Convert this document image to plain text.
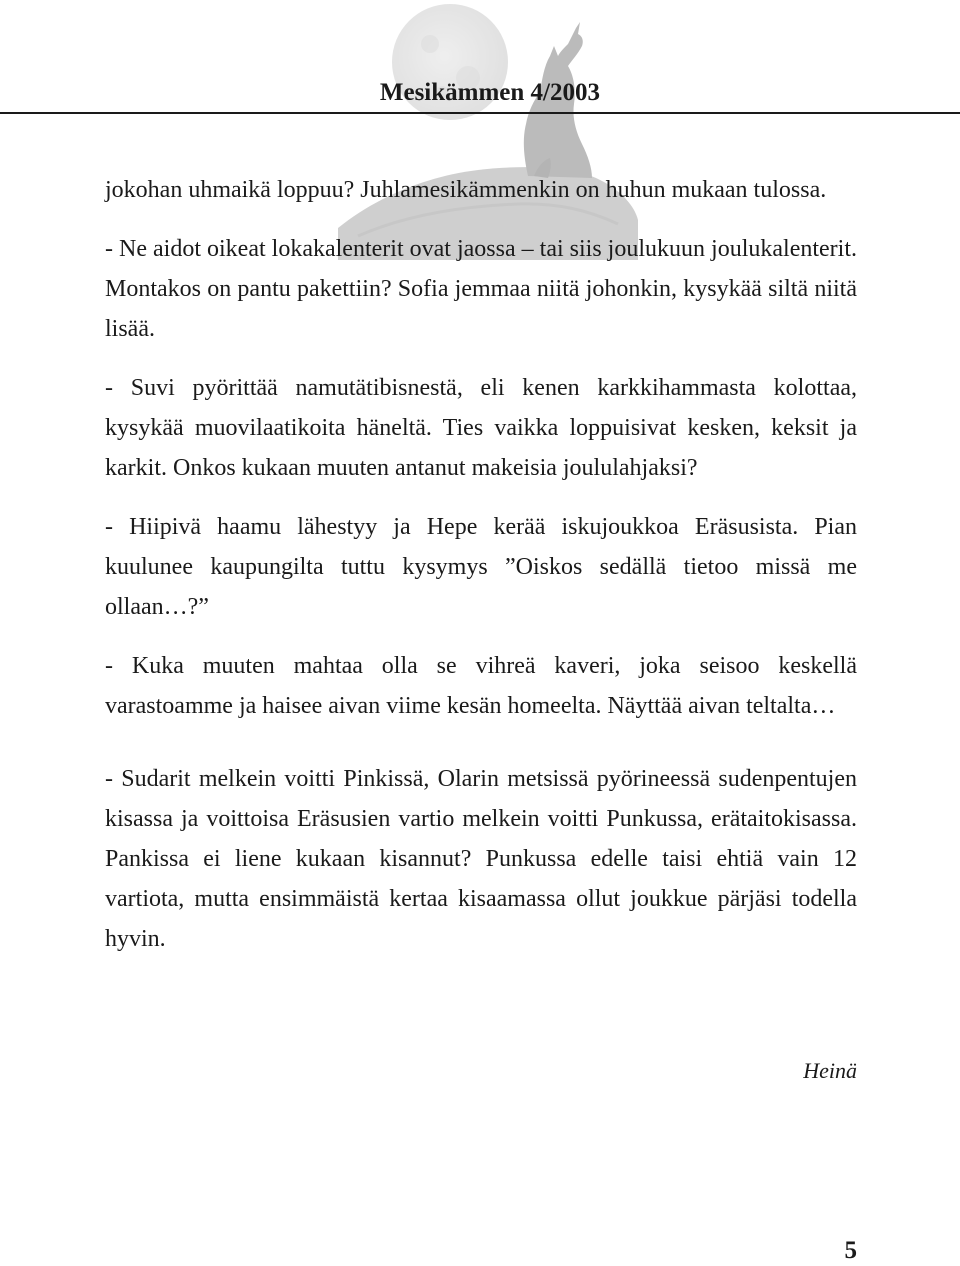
Mesikämmen 4/2003

jokohan uhmaikä loppuu? Juhlamesikämmenkin on huhun mukaan tulossa.

- Ne aidot oikeat lokakalenterit ovat jaossa – tai siis joulukuun joulukalenterit. Montakos on pantu pakettiin? Sofia jemmaa niitä johonkin, kysykää siltä niitä lisää.

- Suvi pyörittää namutätibisnestä, eli kenen karkkihammasta kolottaa, kysykää muovilaatikoita häneltä. Ties vaikka loppuisivat kesken, keksit ja karkit. Onkos kukaan muuten antanut makeisia joululahjaksi?

- Hiipivä haamu lähestyy ja Hepe kerää iskujoukkoa Eräsusista. Pian kuulunee kaupungilta tuttu kysymys ”Oiskos sedällä tietoo missä me ollaan…?”

- Kuka muuten mahtaa olla se vihreä kaveri, joka seisoo keskellä varastoamme ja haisee aivan viime kesän homeelta. Näyttää aivan teltalta…

- Sudarit melkein voitti Pinkissä, Olarin metsissä pyörineessä sudenpentujen kisassa ja voittoisa Eräsusien vartio melkein voitti Punkussa, erätaitokisassa. Pankissa ei liene kukaan kisannut? Punkussa edelle taisi ehtiä vain 12 vartiota, mutta ensimmäistä kertaa kisaamassa ollut joukkue pärjäsi todella hyvin.

Heinä
5
